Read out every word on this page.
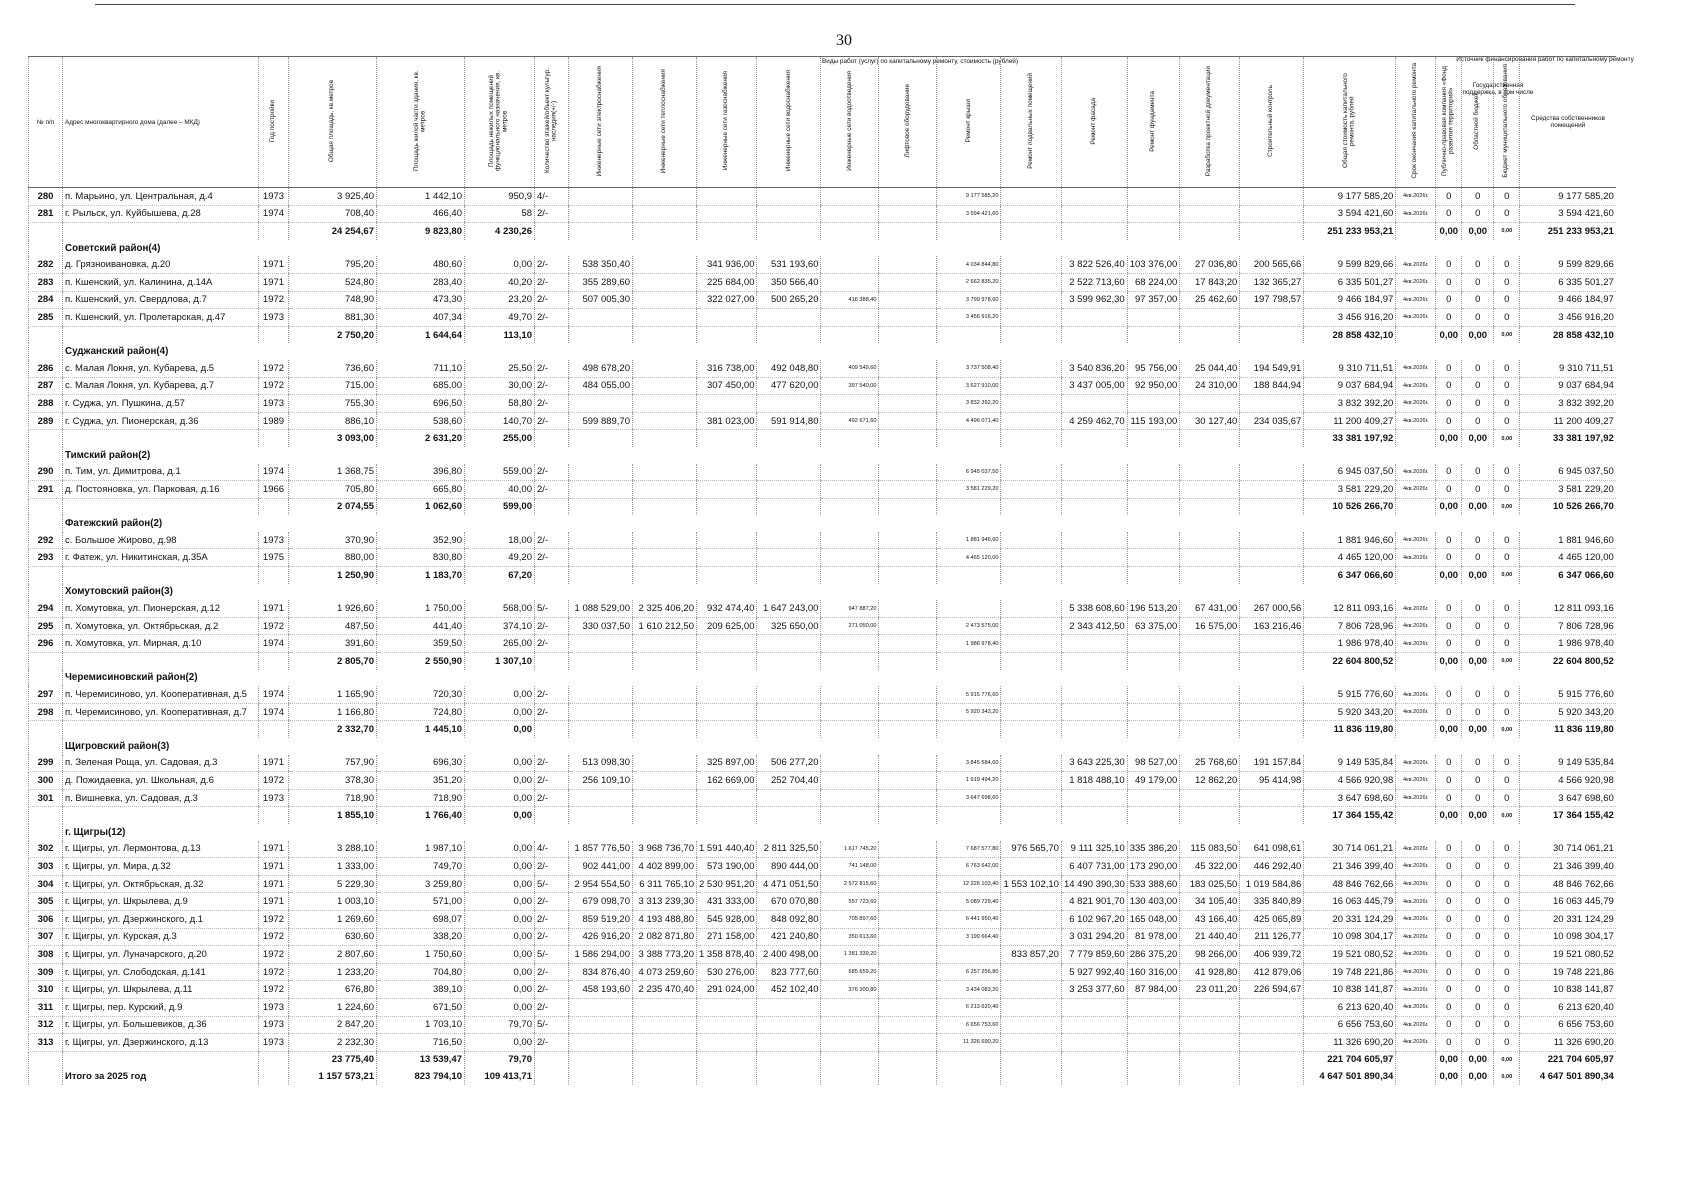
30
Виды работ (услуг) по капитальному ремонту, стоимость (рублей)	Источник финансирования работ по капитальному ремонту
Государственная поддержка, в том числе
№ п/п	Адрес многоквартирного дома (далее – МКД)	Год постройки	Общая площадь, кв.метров	Площадь жилой части здания, кв. метров	Площадь нежилых помещений функционального назначения, кв. метров	Количество этажей/объект культур. наследия(+/-)	Инженерные сети электроснабжения	Инженерные сети теплоснабжения	Инженерные сети газоснабжения	Инженерные сети водоснабжения	Инженерные сети водоотведения	Лифтовое оборудование	Ремонт крыши	Ремонт подвальных помещений	Ремонт фасада	Ремонт фундамента	Разработка проектной документации	Строительный контроль	Общая стоимость капитального ремонта, рублей	Срок окончания капитального ремонта	Публично-правовая компания «Фонд развития территорий»	Областной бюджет	Бюджет муниципального образования	Средства собственников помещений
280	п. Марьино, ул. Центральная, д.4	1973	3 925,40	1 442,10	950,9	4/-							9 177 585,20						9 177 585,20	4кв.2026г.	0	0	0	9 177 585,20
281	г. Рыльск, ул. Куйбышева, д.28	1974	708,40	466,40	58	2/-							3 594 421,60						3 594 421,60	4кв.2026г.	0	0	0	3 594 421,60
			24 254,67	9 823,80	4 230,26														251 233 953,21		0,00	0,00	0,00	251 233 953,21
	Советский район(4)																							
282	д. Грязноивановка, д.20	1971	795,20	480,60	0,00	2/-	538 350,40		341 936,00	531 193,60			4 034 844,80		3 822 526,40	103 376,00	27 036,80	200 565,66	9 599 829,66	4кв.2026г.	0	0	0	9 599 829,66
283	п. Кшенский, ул. Калинина, д.14А	1971	524,80	283,40	40,20	2/-	355 289,60		225 684,00	350 566,40			2 662 835,20		2 522 713,60	68 224,00	17 843,20	132 365,27	6 335 501,27	4кв.2026г.	0	0	0	6 335 501,27
284	п. Кшенский, ул. Свердлова, д.7	1972	748,90	473,30	23,20	2/-	507 005,30		322 027,00	500 265,20	416 388,40		3 799 978,60		3 599 962,30	97 357,00	25 462,60	197 798,57	9 466 184,97	4кв.2026г.	0	0	0	9 466 184,97
285	п. Кшенский, ул. Пролетарская, д.47	1973	881,30	407,34	49,70	2/-							3 456 916,20						3 456 916,20	4кв.2026г.	0	0	0	3 456 916,20
			2 750,20	1 644,64	113,10														28 858 432,10		0,00	0,00	0,00	28 858 432,10
	Суджанский район(4)																							
286	с. Малая Локня, ул. Кубарева, д.5	1972	736,60	711,10	25,50	2/-	498 678,20		316 738,00	492 048,80	409 549,60		3 737 508,40		3 540 836,20	95 756,00	25 044,40	194 549,91	9 310 711,51	4кв.2026г.	0	0	0	9 310 711,51
287	с. Малая Локня, ул. Кубарева, д.7	1972	715,00	685,00	30,00	2/-	484 055,00		307 450,00	477 620,00	397 540,00		3 627 910,00		3 437 005,00	92 950,00	24 310,00	188 844,94	9 037 684,94	4кв.2026г.	0	0	0	9 037 684,94
288	г. Суджа, ул. Пушкина, д.57	1973	755,30	696,50	58,80	2/-							3 832 392,20						3 832 392,20	4кв.2026г.	0	0	0	3 832 392,20
289	г. Суджа, ул. Пионерская, д.36	1989	886,10	538,60	140,70	2/-	599 889,70		381 023,00	591 914,80	492 671,60		4 496 071,40		4 259 462,70	115 193,00	30 127,40	234 035,67	11 200 409,27	4кв.2026г.	0	0	0	11 200 409,27
			3 093,00	2 631,20	255,00														33 381 197,92		0,00	0,00	0,00	33 381 197,92
	Тимский район(2)																							
290	п. Тим, ул. Димитрова, д.1	1974	1 368,75	396,80	559,00	2/-							6 945 037,50						6 945 037,50	4кв.2026г.	0	0	0	6 945 037,50
291	д. Постояновка, ул. Парковая, д.16	1966	705,80	665,80	40,00	2/-							3 581 229,20						3 581 229,20	4кв.2026г.	0	0	0	3 581 229,20
			2 074,55	1 062,60	599,00														10 526 266,70		0,00	0,00	0,00	10 526 266,70
	Фатежский район(2)																							
292	с. Большое Жирово, д.98	1973	370,90	352,90	18,00	2/-							1 881 946,60						1 881 946,60	4кв.2026г.	0	0	0	1 881 946,60
293	г. Фатеж, ул. Никитинская, д.35А	1975	880,00	830,80	49,20	2/-							4 465 120,00						4 465 120,00	4кв.2026г.	0	0	0	4 465 120,00
			1 250,90	1 183,70	67,20														6 347 066,60		0,00	0,00	0,00	6 347 066,60
	Хомутовский район(3)																							
294	п. Хомутовка, ул. Пионерская, д.12	1971	1 926,60	1 750,00	568,00	5/-	1 088 529,00	2 325 406,20	932 474,40	1 647 243,00	947 887,20				5 338 608,60	196 513,20	67 431,00	267 000,56	12 811 093,16	4кв.2026г.	0	0	0	12 811 093,16
295	п. Хомутовка, ул. Октябрьская, д.2	1972	487,50	441,40	374,10	2/-	330 037,50	1 610 212,50	209 625,00	325 650,00	271 050,00		2 473 575,00		2 343 412,50	63 375,00	16 575,00	163 216,46	7 806 728,96	4кв.2026г.	0	0	0	7 806 728,96
296	п. Хомутовка, ул. Мирная, д.10	1974	391,60	359,50	265,00	2/-							1 986 978,40						1 986 978,40	4кв.2026г.	0	0	0	1 986 978,40
			2 805,70	2 550,90	1 307,10														22 604 800,52		0,00	0,00	0,00	22 604 800,52
	Черемисиновский район(2)																							
297	п. Черемисиново, ул. Кооперативная, д.5	1974	1 165,90	720,30	0,00	2/-							5 915 776,60						5 915 776,60	4кв.2026г.	0	0	0	5 915 776,60
298	п. Черемисиново, ул. Кооперативная, д.7	1974	1 166,80	724,80	0,00	2/-							5 920 343,20						5 920 343,20	4кв.2026г.	0	0	0	5 920 343,20
			2 332,70	1 445,10	0,00														11 836 119,80		0,00	0,00	0,00	11 836 119,80
	Щигровский район(3)																							
299	п. Зеленая Роща, ул. Садовая, д.3	1971	757,90	696,30	0,00	2/-	513 098,30		325 897,00	506 277,20			3 845 584,60		3 643 225,30	98 527,00	25 768,60	191 157,84	9 149 535,84	4кв.2026г.	0	0	0	9 149 535,84
300	д. Пожидаевка, ул. Школьная, д.6	1972	378,30	351,20	0,00	2/-	256 109,10		162 669,00	252 704,40			1 919 494,20		1 818 488,10	49 179,00	12 862,20	95 414,98	4 566 920,98	4кв.2026г.	0	0	0	4 566 920,98
301	п. Вишневка, ул. Садовая, д.3	1973	718,90	718,90	0,00	2/-							3 647 698,60						3 647 698,60	4кв.2026г.	0	0	0	3 647 698,60
			1 855,10	1 766,40	0,00														17 364 155,42		0,00	0,00	0,00	17 364 155,42
	г. Щигры(12)																							
302	г. Щигры, ул. Лермонтова, д.13	1971	3 288,10	1 987,10	0,00	4/-	1 857 776,50	3 968 736,70	1 591 440,40	2 811 325,50	1 617 745,20		7 687 577,80	976 565,70	9 111 325,10	335 386,20	115 083,50	641 098,61	30 714 061,21	4кв.2026г.	0	0	0	30 714 061,21
303	г. Щигры, ул. Мира, д.32	1971	1 333,00	749,70	0,00	2/-	902 441,00	4 402 899,00	573 190,00	890 444,00	741 148,00		6 763 642,00		6 407 731,00	173 290,00	45 322,00	446 292,40	21 346 399,40	4кв.2026г.	0	0	0	21 346 399,40
304	г. Щигры, ул. Октябрьская, д.32	1971	5 229,30	3 259,80	0,00	5/-	2 954 554,50	6 311 765,10	2 530 951,20	4 471 051,50	2 572 815,60		12 226 103,40	1 553 102,10	14 490 390,30	533 388,60	183 025,50	1 019 584,86	48 846 762,66	4кв.2026г.	0	0	0	48 846 762,66
305	г. Щигры, ул. Шкрылева, д.9	1971	1 003,10	571,00	0,00	2/-	679 098,70	3 313 239,30	431 333,00	670 070,80	557 723,60		5 089 729,40		4 821 901,70	130 403,00	34 105,40	335 840,89	16 063 445,79	4кв.2026г.	0	0	0	16 063 445,79
306	г. Щигры, ул. Дзержинского, д.1	1972	1 269,60	698,07	0,00	2/-	859 519,20	4 193 488,80	545 928,00	848 092,80	705 897,60		6 441 950,40		6 102 967,20	165 048,00	43 166,40	425 065,89	20 331 124,29	4кв.2026г.	0	0	0	20 331 124,29
307	г. Щигры, ул. Курская, д.3	1972	630,60	338,20	0,00	2/-	426 916,20	2 082 871,80	271 158,00	421 240,80	350 613,60		3 199 664,40		3 031 294,20	81 978,00	21 440,40	211 126,77	10 098 304,17	4кв.2026г.	0	0	0	10 098 304,17
308	г. Щигры, ул. Луначарского, д.20	1972	2 807,60	1 750,60	0,00	5/-	1 586 294,00	3 388 773,20	1 358 878,40	2 400 498,00	1 381 339,20			833 857,20	7 779 859,60	286 375,20	98 266,00	406 939,72	19 521 080,52	4кв.2026г.	0	0	0	19 521 080,52
309	г. Щигры, ул. Слободская, д.141	1972	1 233,20	704,80	0,00	2/-	834 876,40	4 073 259,60	530 276,00	823 777,60	685 659,20		6 257 256,80		5 927 992,40	160 316,00	41 928,80	412 879,06	19 748 221,86	4кв.2026г.	0	0	0	19 748 221,86
310	г. Щигры, ул. Шкрылева, д.11	1972	676,80	389,10	0,00	2/-	458 193,60	2 235 470,40	291 024,00	452 102,40	376 300,80		3 434 083,20		3 253 377,60	87 984,00	23 011,20	226 594,67	10 838 141,87	4кв.2026г.	0	0	0	10 838 141,87
311	г. Щигры, пер. Курский, д.9	1973	1 224,60	671,50	0,00	2/-							6 213 620,40						6 213 620,40	4кв.2026г.	0	0	0	6 213 620,40
312	г. Щигры, ул. Большевиков, д.36	1973	2 847,20	1 703,10	79,70	5/-							6 656 753,60						6 656 753,60	4кв.2026г.	0	0	0	6 656 753,60
313	г. Щигры, ул. Дзержинского, д.13	1973	2 232,30	716,50	0,00	2/-							11 326 690,20						11 326 690,20	4кв.2026г.	0	0	0	11 326 690,20
			23 775,40	13 539,47	79,70														221 704 605,97		0,00	0,00	0,00	221 704 605,97
	Итого за 2025 год		1 157 573,21	823 794,10	109 413,71														4 647 501 890,34		0,00	0,00	0,00	4 647 501 890,34
